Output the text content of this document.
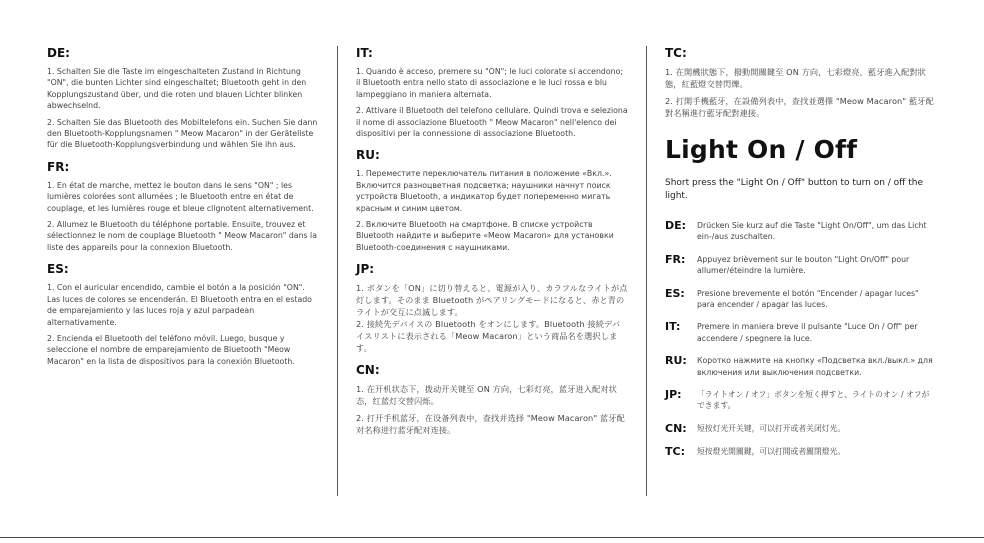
DE:

1. Schalten Sie die Taste im eingeschalteten Zustand in Richtung "ON", die bunten Lichter sind eingeschaltet; Bluetooth geht in den Kopplungszustand über, und die roten und blauen Lichter blinken abwechselnd.

2. Schalten Sie das Bluetooth des Mobiltelefons ein. Suchen Sie dann den Bluetooth-Kopplungsnamen " Meow Macaron" in der Geräteliste für die Bluetooth-Kopplungsverbindung und wählen Sie ihn aus.

FR:

1. En état de marche, mettez le bouton dans le sens "ON" ; les lumières colorées sont allumées ; le Bluetooth entre en état de couplage, et les lumières rouge et bleue clignotent alternativement.

2. Allumez le Bluetooth du téléphone portable. Ensuite, trouvez et sélectionnez le nom de couplage Bluetooth " Meow Macaron" dans la liste des appareils pour la connexion Bluetooth.

ES:

1. Con el auricular encendido, cambie el botón a la posición "ON". Las luces de colores se encenderán. El Bluetooth entra en el estado de emparejamiento y las luces roja y azul parpadean alternativamente.

2. Encienda el Bluetooth del teléfono móvil. Luego, busque y seleccione el nombre de emparejamiento de Bluetooth "Meow Macaron" en la lista de dispositivos para la conexión Bluetooth.

IT:

1. Quando è acceso, premere su "ON"; le luci colorate si accendono; il Bluetooth entra nello stato di associazione e le luci rossa e blu lampeggiano in maniera alternata.

2. Attivare il Bluetooth del telefono cellulare. Quindi trova e seleziona il nome di associazione Bluetooth " Meow Macaron" nell'elenco dei dispositivi per la connessione di associazione Bluetooth.

RU:

1. Переместите переключатель питания в положение «Вкл.». Включится разноцветная подсветка; наушники начнут поиск устройств Bluetooth, а индикатор будет попеременно мигать красным и синим цветом.

2. Включите Bluetooth на смартфоне. В списке устройств Bluetooth найдите и выберите «Meow Macaron» для установки Bluetooth-соединения с наушниками.

JP:

1. ボタンを「ON」に切り替えると、電源が入り、カラフルなライトが点灯します。そのまま Bluetooth がペアリングモードになると、赤と青のライトが交互に点滅します。
2. 接続先デバイスの Bluetooth をオンにします。Bluetooth 接続デバイスリストに表示される「Meow Macaron」という商品名を選択します。

CN:

1. 在开机状态下，拨动开关键至 ON 方向，七彩灯亮，蓝牙进入配对状态，红蓝灯交替闪烁。

2. 打开手机蓝牙，在设备列表中，查找并选择 "Meow Macaron" 蓝牙配对名称进行蓝牙配对连接。

TC:

1. 在開機狀態下，撥動開關鍵至 ON 方向，七彩燈亮，藍牙進入配對狀態，紅藍燈交替閃爍。

2. 打開手機藍牙，在設備列表中，查找並選擇 "Meow Macaron" 藍牙配對名稱進行藍牙配對連接。

Light On / Off

Short press the "Light On / Off" button to turn on / off the light.

DE:	Drücken Sie kurz auf die Taste "Light On/Off", um das Licht ein-/aus zuschalten.
FR:	Appuyez brièvement sur le bouton "Light On/Off" pour allumer/éteindre la lumière.
ES:	Presione brevemente el botón "Encender / apagar luces" para encender / apagar las luces.
IT:	Premere in maniera breve il pulsante "Luce On / Off" per accendere / spegnere la luce.
RU:	Коротко нажмите на кнопку «Подсветка вкл./выкл.» для включения или выключения подсветки.
JP:	「ライトオン / オフ」ボタンを短く押すと、ライトのオン / オフができます。
CN:	短按灯光开关键，可以打开或者关闭灯光。
TC:	短按燈光開關鍵，可以打開或者關閉燈光。
